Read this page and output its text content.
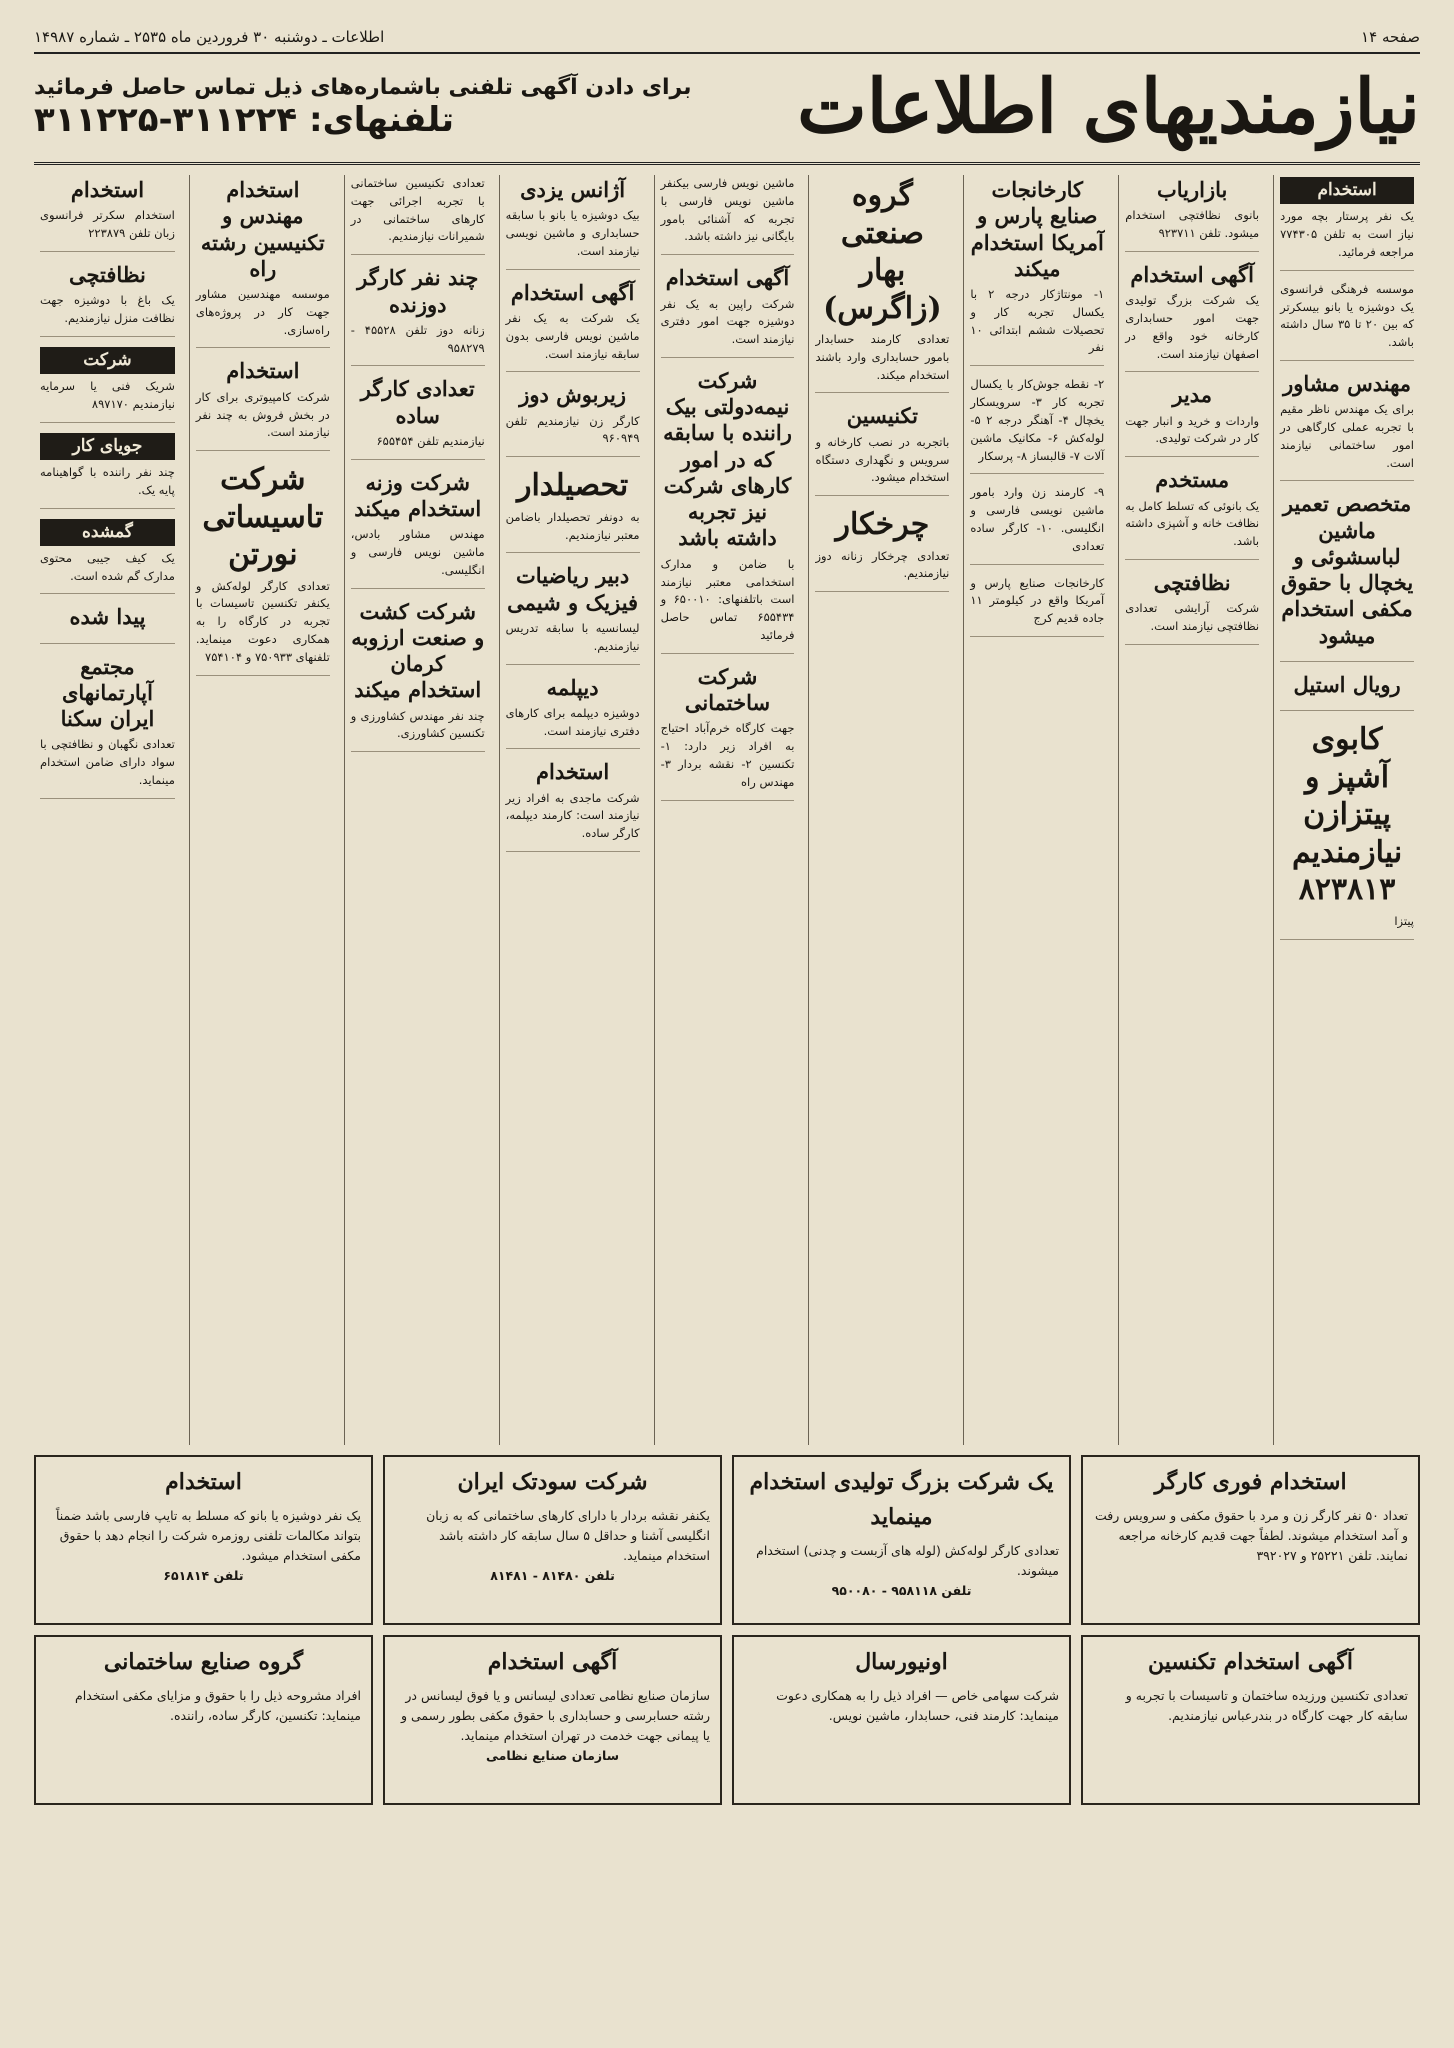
صفحه ۱۴
اطلاعات ـ دوشنبه ۳۰ فروردین ماه ۲۵۳۵ ـ شماره ۱۴۹۸۷
نیازمندیهای اطلاعات
برای دادن آگهی تلفنی باشماره‌های ذیل تماس حاصل فرمائید
تلفنهای: ۳۱۱۲۲۴-۳۱۱۲۲۵
استخدام

یک نفر پرستار بچه مورد نیاز است به تلفن ۷۷۴۳۰۵ مراجعه فرمائید.

موسسه فرهنگی فرانسوی یک دوشیزه یا بانو بیسکرتر که بین ۲۰ تا ۳۵ سال داشته باشد.

مهندس مشاور

برای یک مهندس ناظر مقیم با تجربه عملی کارگاهی در امور ساختمانی نیازمند است.

متخصص تعمیر ماشین لباسشوئی و یخچال با حقوق مکفی استخدام میشود
رویال استیل
کابوی آشپز و پیتزازن نیازمندیم ۸۲۳۸۱۳

پیتزا

بازاریاب

بانوی نظافتچی استخدام میشود. تلفن ۹۲۳۷۱۱

آگهی استخدام

یک شرکت بزرگ تولیدی جهت امور حسابداری کارخانه خود واقع در اصفهان نیازمند است.

مدیر

واردات و خرید و انبار جهت کار در شرکت تولیدی.

مستخدم

یک بانوئی که تسلط کامل به نظافت خانه و آشپزی داشته باشد.

نظافتچی

شرکت آرایشی تعدادی نظافتچی نیازمند است.

کارخانجات صنایع پارس و آمریکا استخدام میکند

۱- مونتاژکار درجه ۲ با یکسال تجربه کار و تحصیلات ششم ابتدائی ۱۰ نفر

۲- نقطه جوش‌کار با یکسال تجربه کار ۳- سرویسکار یخچال ۴- آهنگر درجه ۲ ۵- لوله‌کش ۶- مکانیک ماشین آلات ۷- قالبساز ۸- پرسکار

۹- کارمند زن وارد بامور ماشین نویسی فارسی و انگلیسی. ۱۰- کارگر ساده تعدادی

کارخانجات صنایع پارس و آمریکا واقع در کیلومتر ۱۱ جاده قدیم کرج

گروه صنعتی بهار (زاگرس)

تعدادی کارمند حسابدار بامور حسابداری وارد باشند استخدام میکند.

تکنیسین

باتجربه در نصب کارخانه و سرویس و نگهداری دستگاه استخدام میشود.

چرخکار

تعدادی چرخکار زنانه دوز نیازمندیم.

ماشین نویس فارسی بیکنفر ماشین نویس فارسی با تجربه که آشنائی بامور بایگانی نیز داشته باشد.

آگهی استخدام

شرکت راپین به یک نفر دوشیزه جهت امور دفتری نیازمند است.

شرکت نیمه‌دولتی بیک راننده با سابقه که در امور کارهای شرکت نیز تجربه داشته باشد

با ضامن و مدارک استخدامی معتبر نیازمند است باتلفنهای: ۶۵۰۰۱۰ و ۶۵۵۴۳۴ تماس حاصل فرمائید

شرکت ساختمانی

جهت کارگاه خرم‌آباد احتیاج به افراد زیر دارد: ۱- تکنسین ۲- نقشه بردار ۳- مهندس راه

آژانس یزدی

بیک دوشیزه یا بانو با سابقه حسابداری و ماشین نویسی نیازمند است.

آگهی استخدام

یک شرکت به یک نفر ماشین نویس فارسی بدون سابقه نیازمند است.

زیربوش دوز

کارگر زن نیازمندیم تلفن ۹۶۰۹۴۹

تحصیلدار

به دونفر تحصیلدار باضامن معتبر نیازمندیم.

دبیر ریاضیات فیزیک و شیمی

لیسانسیه با سابقه تدریس نیازمندیم.

دیپلمه

دوشیزه دیپلمه برای کارهای دفتری نیازمند است.

استخدام

شرکت ماجدی به افراد زیر نیازمند است: کارمند دیپلمه، کارگر ساده.

تعدادی تکنیسین ساختمانی با تجربه اجرائی جهت کارهای ساختمانی در شمیرانات نیازمندیم.

چند نفر کارگر دوزنده

زنانه دوز تلفن ۴۵۵۲۸ - ۹۵۸۲۷۹

تعدادی کارگر ساده

نیازمندیم تلفن ۶۵۵۴۵۴

شرکت وزنه استخدام میکند

مهندس مشاور بادس، ماشین نویس فارسی و انگلیسی.

شرکت کشت و صنعت ارزوبه کرمان استخدام میکند

چند نفر مهندس کشاورزی و تکنسین کشاورزی.

استخدام مهندس و تکنیسین رشته راه

موسسه مهندسین مشاور جهت کار در پروژه‌های راه‌سازی.

استخدام

شرکت کامپیوتری برای کار در بخش فروش به چند نفر نیازمند است.

شرکت تاسیساتی نورتن

تعدادی کارگر لوله‌کش و یکنفر تکنسین تاسیسات با تجربه در کارگاه را به همکاری دعوت مینماید. تلفنهای ۷۵۰۹۳۳ و ۷۵۴۱۰۴

استخدام

استخدام سکرتر فرانسوی زبان تلفن ۲۲۳۸۷۹

نظافتچی

یک باغ با دوشیزه جهت نظافت منزل نیازمندیم.

شرکت

شریک فنی یا سرمایه نیازمندیم ۸۹۷۱۷۰

جویای کار

چند نفر راننده با گواهینامه پایه یک.

گمشده

یک کیف جیبی محتوی مدارک گم شده است.

پیدا شده
مجتمع آپارتمانهای ایران سکنا

تعدادی نگهبان و نظافتچی با سواد دارای ضامن استخدام مینماید.

استخدام فوری کارگر
تعداد ۵۰ نفر کارگر زن و مرد با حقوق مکفی و سرویس رفت و آمد استخدام میشوند. لطفاً جهت قدیم کارخانه مراجعه نمایند. تلفن ۲۵۲۲۱ و ۳۹۲۰۲۷
یک شرکت بزرگ تولیدی استخدام مینماید
تعدادی کارگر لوله‌کش (لوله های آزبست و چدنی) استخدام میشوند.
تلفن ۹۵۸۱۱۸ - ۹۵۰۰۸۰
شرکت سودتک ایران
یکنفر نقشه بردار با دارای کارهای ساختمانی که به زبان انگلیسی آشنا و حداقل ۵ سال سابقه کار داشته باشد استخدام مینماید.
تلفن ۸۱۴۸۰ - ۸۱۴۸۱
استخدام
یک نفر دوشیزه یا بانو که مسلط به تایپ فارسی باشد ضمناً بتواند مکالمات تلفنی روزمره شرکت را انجام دهد با حقوق مکفی استخدام میشود.
تلفن ۶۵۱۸۱۴
آگهی استخدام تکنسین
تعدادی تکنسین ورزیده ساختمان و تاسیسات با تجربه و سابقه کار جهت کارگاه در بندرعباس نیازمندیم.
اونیورسال
شرکت سهامی خاص — افراد ذیل را به همکاری دعوت مینماید: کارمند فنی، حسابدار، ماشین نویس.
آگهی استخدام
سازمان صنایع نظامی تعدادی لیسانس و یا فوق لیسانس در رشته حسابرسی و حسابداری با حقوق مکفی بطور رسمی و یا پیمانی جهت خدمت در تهران استخدام مینماید.
سازمان صنایع نظامی
گروه صنایع ساختمانی
افراد مشروحه ذیل را با حقوق و مزایای مکفی استخدام مینماید: تکنسین، کارگر ساده، راننده.
